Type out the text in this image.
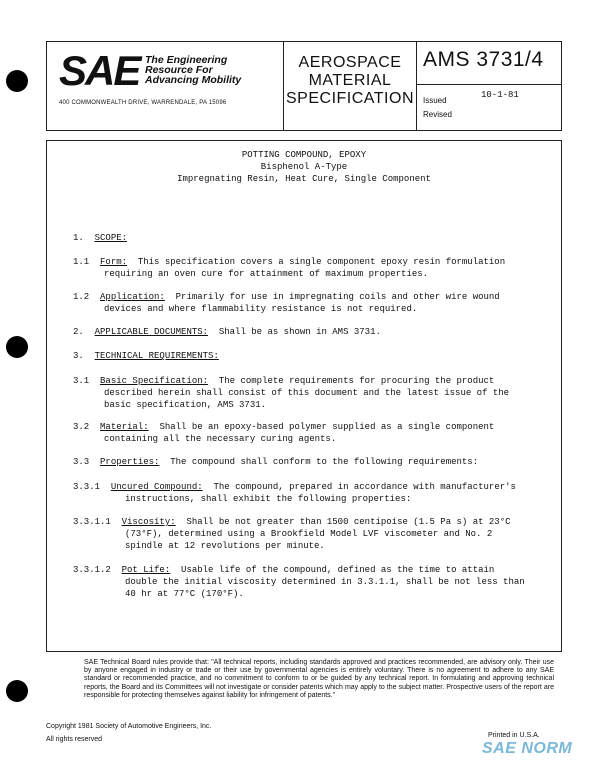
SAE The Engineering
Resource For
Advancing Mobility
400 COMMONWEALTH DRIVE, WARRENDALE, PA 15096
AEROSPACE
MATERIAL
SPECIFICATION
AMS 3731/4
Issued
10-1-81
Revised
POTTING COMPOUND, EPOXY
Bisphenol A-Type
Impregnating Resin, Heat Cure, Single Component
1. SCOPE:
1.1 Form: This specification covers a single component epoxy resin formulation
requiring an oven cure for attainment of maximum properties.
1.2 Application: Primarily for use in impregnating coils and other wire wound
devices and where flammability resistance is not required.
2. APPLICABLE DOCUMENTS: Shall be as shown in AMS 3731.
3. TECHNICAL REQUIREMENTS:
3.1 Basic Specification: The complete requirements for procuring the product
described herein shall consist of this document and the latest issue of the
basic specification, AMS 3731.
3.2 Material: Shall be an epoxy-based polymer supplied as a single component
containing all the necessary curing agents.
3.3 Properties: The compound shall conform to the following requirements:
3.3.1 Uncured Compound: The compound, prepared in accordance with manufacturer's
instructions, shall exhibit the following properties:
3.3.1.1 Viscosity: Shall be not greater than 1500 centipoise (1.5 Pa s) at 23°C
(73°F), determined using a Brookfield Model LVF viscometer and No. 2
spindle at 12 revolutions per minute.
3.3.1.2 Pot Life: Usable life of the compound, defined as the time to attain
double the initial viscosity determined in 3.3.1.1, shall be not less than
40 hr at 77°C (170°F).
SAE Technical Board rules provide that: "All technical reports, including standards approved and practices recommended, are advisory only. Their use by anyone engaged in industry or trade or their use by governmental agencies is entirely voluntary. There is no agreement to adhere to any SAE standard or recommended practice, and no commitment to conform to or be guided by any technical report. In formulating and approving technical reports, the Board and its Committees will not investigate or consider patents which may apply to the subject matter. Prospective users of the report are responsible for protecting themselves against liability for infringement of patents."
Copyright 1981 Society of Automotive Engineers, Inc.
All rights reserved
Printed in U.S.A.
SAE NORM
